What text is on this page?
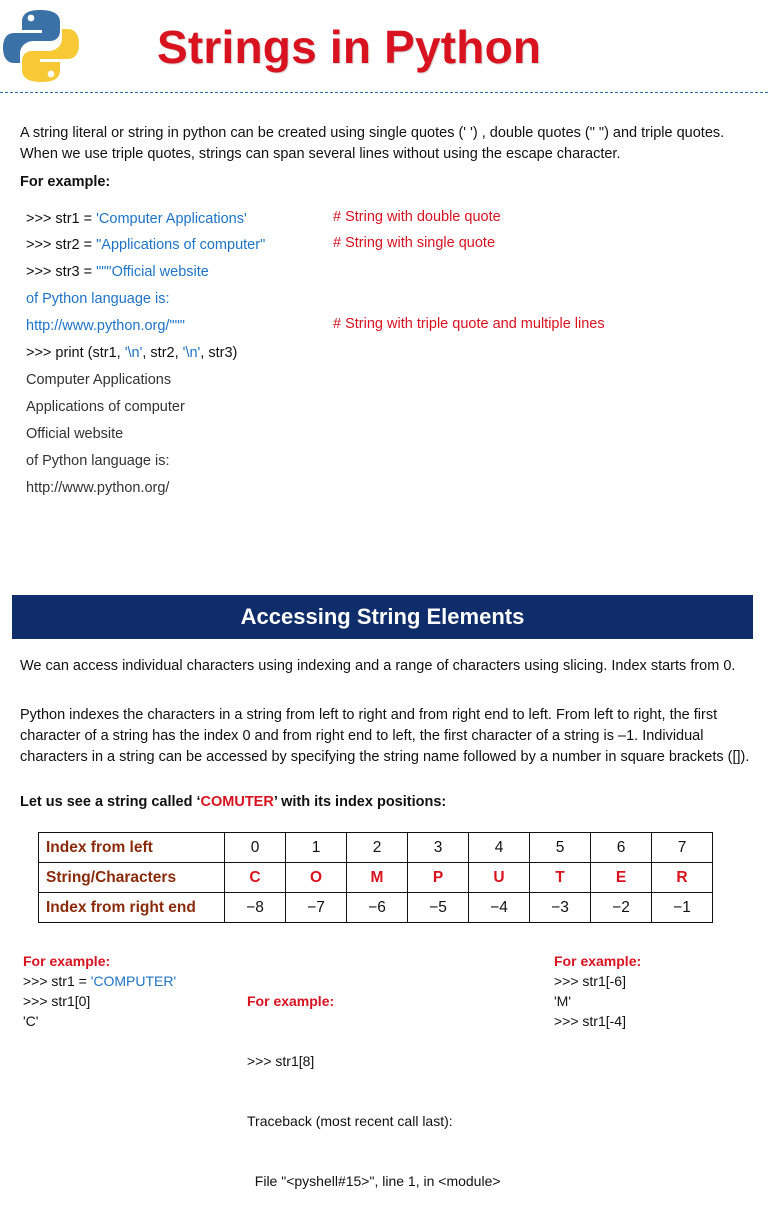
Strings in Python
A string literal or string in python can be created using single quotes (' ') , double quotes (" ") and triple quotes. When we use triple quotes, strings can span several lines without using the escape character.
For example:
>>> str1 = 'Computer Applications'	# String with double quote
>>> str2 = "Applications of computer"	# String with single quote
>>> str3 = """Official website
of Python language is:
http://www.python.org/"""	# String with triple quote and multiple lines
>>> print (str1, '\n', str2, '\n', str3)
Computer Applications
Applications of computer
Official website
of Python language is:
http://www.python.org/
Accessing String Elements
We can access individual characters using indexing and a range of characters using slicing. Index starts from 0.
Python indexes the characters in a string from left to right and from right end to left. From left to right, the first character of a string has the index 0 and from right end to left, the first character of a string is –1. Individual characters in a string can be accessed by specifying the string name followed by a number in square brackets ([]).
Let us see a string called ‘COMUTER’ with its index positions:
Index from left	0	1	2	3	4	5	6	7
String/Characters	C	O	M	P	U	T	E	R
Index from right end	−8	−7	−6	−5	−4	−3	−2	−1
For example:
>>> str1 = 'COMPUTER'
>>> str1[0]
'C'

For example:

>>> str1[8]

Traceback (most recent call last):

File "<pyshell#15>", line 1, in <module>

For example:
>>> str1[-6]
'M'
>>> str1[-4]
